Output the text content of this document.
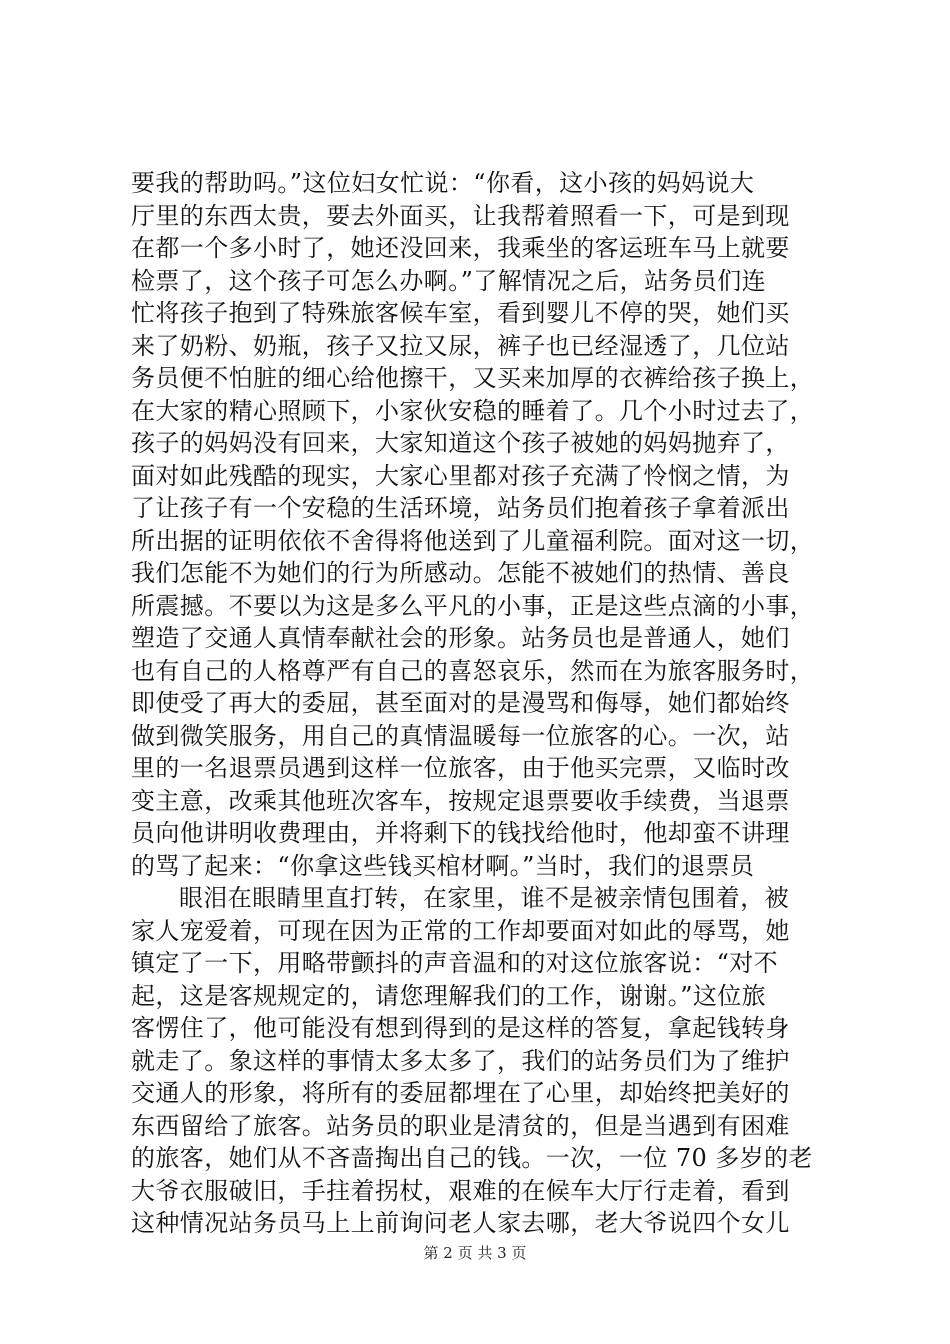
要我的帮助吗。”这位妇女忙说：“你看，这小孩的妈妈说大
厅里的东西太贵，要去外面买，让我帮着照看一下，可是到现
在都一个多小时了，她还没回来，我乘坐的客运班车马上就要
检票了，这个孩子可怎么办啊。”了解情况之后，站务员们连
忙将孩子抱到了特殊旅客候车室，看到婴儿不停的哭，她们买
来了奶粉、奶瓶，孩子又拉又尿，裤子也已经湿透了，几位站
务员便不怕脏的细心给他擦干，又买来加厚的衣裤给孩子换上，
在大家的精心照顾下，小家伙安稳的睡着了。几个小时过去了，
孩子的妈妈没有回来，大家知道这个孩子被她的妈妈抛弃了，
面对如此残酷的现实，大家心里都对孩子充满了怜悯之情，为
了让孩子有一个安稳的生活环境，站务员们抱着孩子拿着派出
所出据的证明依依不舍得将他送到了儿童福利院。面对这一切，
我们怎能不为她们的行为所感动。怎能不被她们的热情、善良
所震撼。不要以为这是多么平凡的小事，正是这些点滴的小事，
塑造了交通人真情奉献社会的形象。站务员也是普通人，她们
也有自己的人格尊严有自己的喜怒哀乐，然而在为旅客服务时，
即使受了再大的委屈，甚至面对的是漫骂和侮辱，她们都始终
做到微笑服务，用自己的真情温暖每一位旅客的心。一次，站
里的一名退票员遇到这样一位旅客，由于他买完票，又临时改
变主意，改乘其他班次客车，按规定退票要收手续费，当退票
员向他讲明收费理由，并将剩下的钱找给他时，他却蛮不讲理
的骂了起来：“你拿这些钱买棺材啊。”当时，我们的退票员
眼泪在眼睛里直打转，在家里，谁不是被亲情包围着，被
家人宠爱着，可现在因为正常的工作却要面对如此的辱骂，她
镇定了一下，用略带颤抖的声音温和的对这位旅客说：“对不
起，这是客规规定的，请您理解我们的工作，谢谢。”这位旅
客愣住了，他可能没有想到得到的是这样的答复，拿起钱转身
就走了。象这样的事情太多太多了，我们的站务员们为了维护
交通人的形象，将所有的委屈都埋在了心里，却始终把美好的
东西留给了旅客。站务员的职业是清贫的，但是当遇到有困难
的旅客，她们从不吝啬掏出自己的钱。一次，一位 70 多岁的老
大爷衣服破旧，手拄着拐杖，艰难的在候车大厅行走着，看到
这种情况站务员马上上前询问老人家去哪，老大爷说四个女儿
第 2 页 共 3 页
